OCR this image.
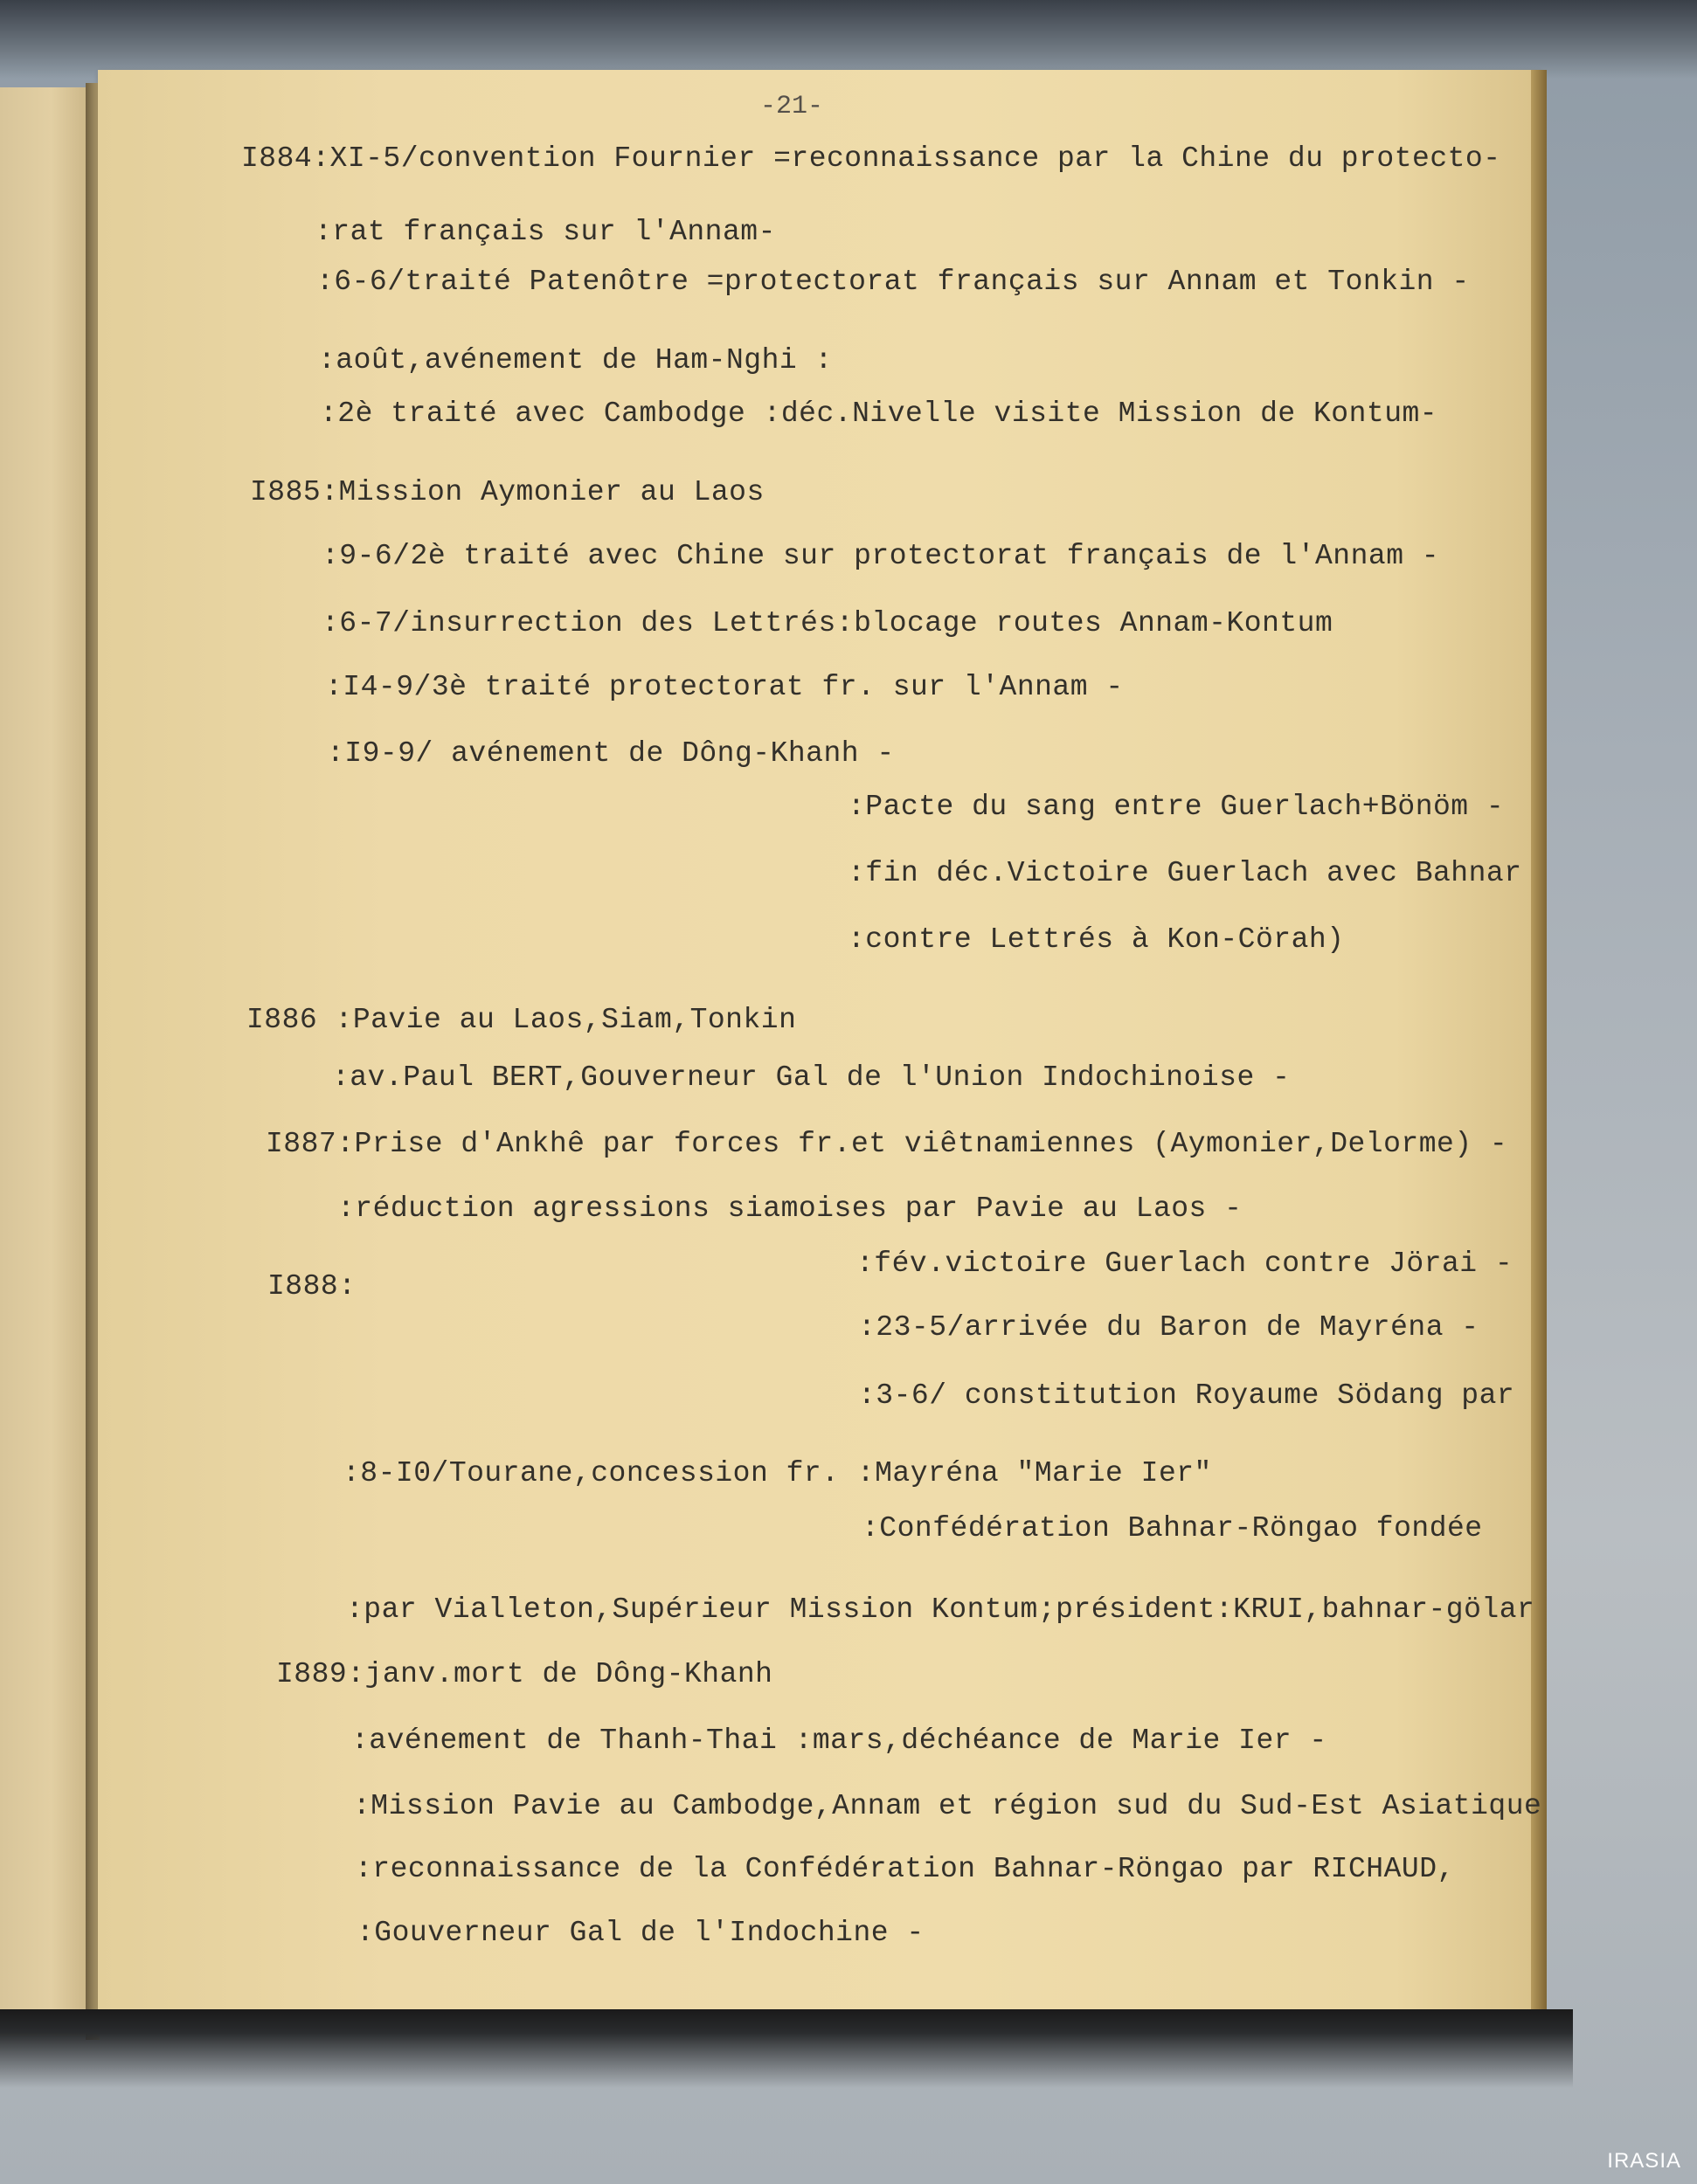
-21-

I884:XI-5/convention Fournier =reconnaissance par la Chine du protecto-

:rat français sur l'Annam-

:6-6/traité Patenôtre =protectorat français sur Annam et Tonkin -

:août,avénement de Ham-Nghi :

:2è traité avec Cambodge :déc.Nivelle visite Mission de Kontum-

I885:Mission Aymonier au Laos

:9-6/2è traité avec Chine sur protectorat français de l'Annam -

:6-7/insurrection des Lettrés:blocage routes Annam-Kontum

:I4-9/3è traité protectorat fr. sur l'Annam -

:I9-9/ avénement de Dông-Khanh -

:Pacte du sang entre Guerlach+Bönöm -

:fin déc.Victoire Guerlach avec Bahnar

:contre Lettrés à Kon-Cörah)

I886 :Pavie au Laos,Siam,Tonkin

:av.Paul BERT,Gouverneur Gal de l'Union Indochinoise -

I887:Prise d'Ankhê par forces fr.et viêtnamiennes (Aymonier,Delorme) -

:réduction agressions siamoises par Pavie au Laos -

I888:

:fév.victoire Guerlach contre Jörai -

:23-5/arrivée du Baron de Mayréna -

:3-6/ constitution Royaume Södang par

:8-I0/Tourane,concession fr. :Mayréna "Marie Ier"

:Confédération Bahnar-Röngao fondée

:par Vialleton,Supérieur Mission Kontum;président:KRUI,bahnar-gölar

I889:janv.mort de Dông-Khanh

:avénement de Thanh-Thai :mars,déchéance de Marie Ier -

:Mission Pavie au Cambodge,Annam et région sud du Sud-Est Asiatique

:reconnaissance de la Confédération Bahnar-Röngao par RICHAUD,

:Gouverneur Gal de l'Indochine -

IRASIA
